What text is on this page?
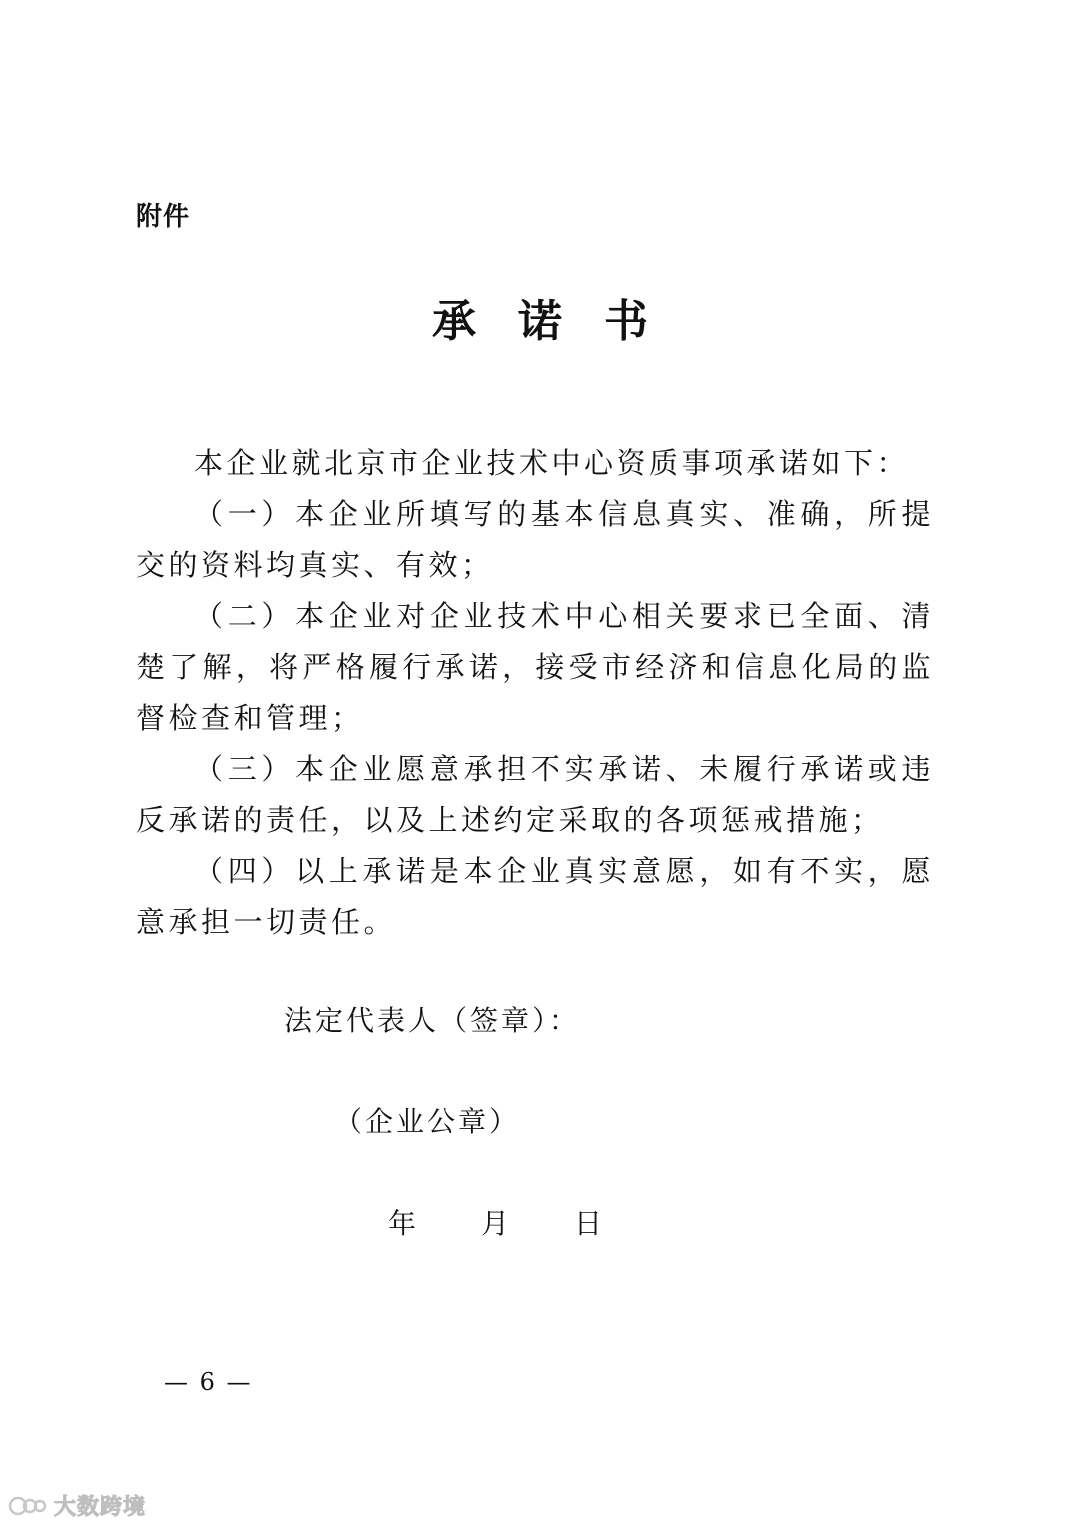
附件
承诺书

本企业就北京市企业技术中心资质事项承诺如下：

（一）本企业所填写的基本信息真实、准确，所提交的资料均真实、有效；

（二）本企业对企业技术中心相关要求已全面、清楚了解，将严格履行承诺，接受市经济和信息化局的监督检查和管理；

（三）本企业愿意承担不实承诺、未履行承诺或违反承诺的责任，以及上述约定采取的各项惩戒措施；

（四）以上承诺是本企业真实意愿，如有不实，愿意承担一切责任。

法定代表人（签章）：
（企业公章）
年　　月　　日
— 6 —
大数跨境
